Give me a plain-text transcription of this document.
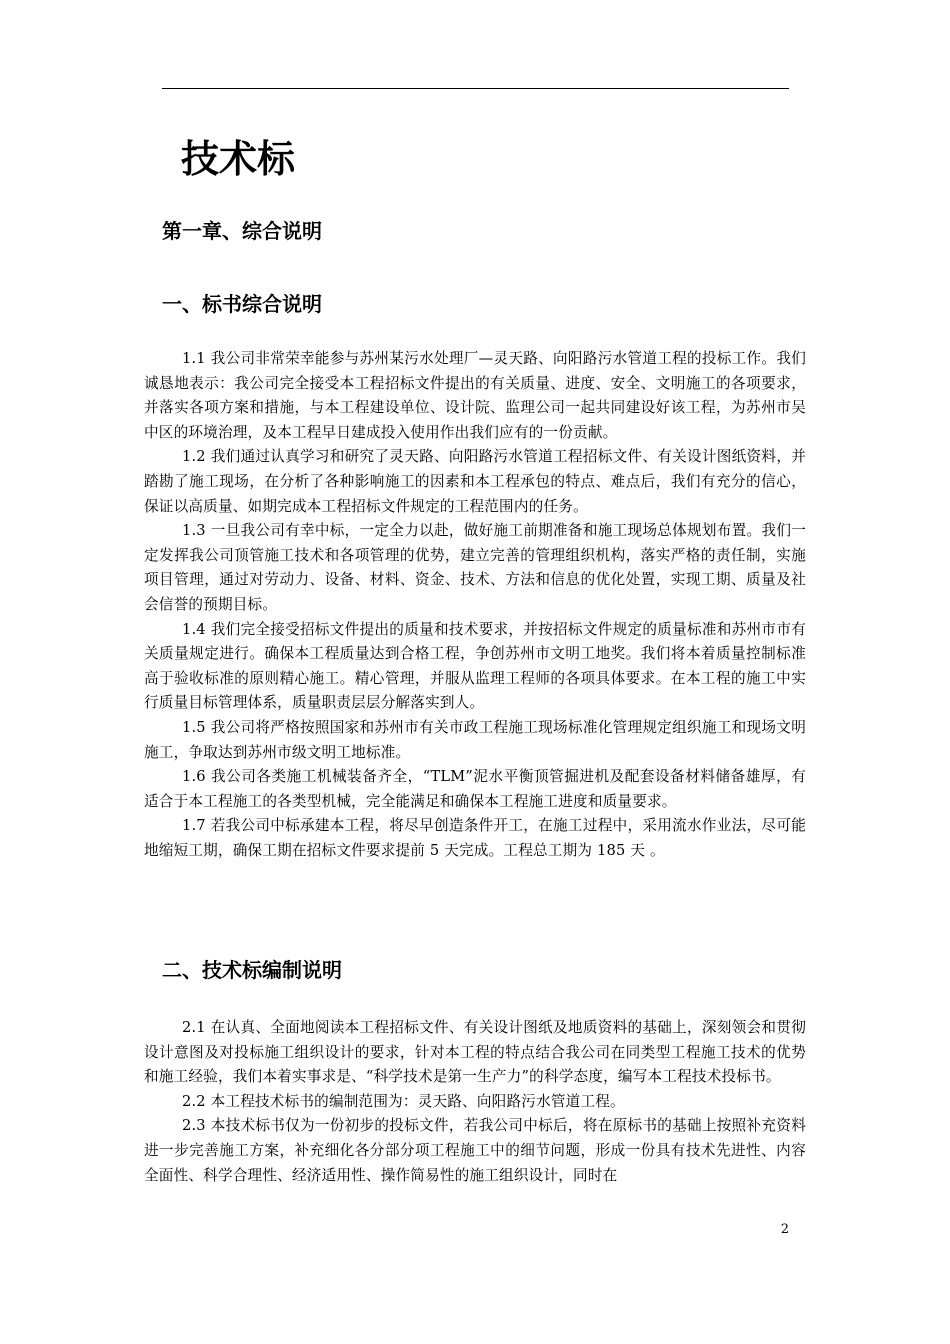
技术标
第一章、综合说明
一、标书综合说明

1.1 我公司非常荣幸能参与苏州某污水处理厂—灵天路、向阳路污水管道工程的投标工作。我们诚恳地表示：我公司完全接受本工程招标文件提出的有关质量、进度、安全、文明施工的各项要求，并落实各项方案和措施，与本工程建设单位、设计院、监理公司一起共同建设好该工程，为苏州市吴中区的环境治理，及本工程早日建成投入使用作出我们应有的一份贡献。

1.2 我们通过认真学习和研究了灵天路、向阳路污水管道工程招标文件、有关设计图纸资料，并踏勘了施工现场，在分析了各种影响施工的因素和本工程承包的特点、难点后，我们有充分的信心，保证以高质量、如期完成本工程招标文件规定的工程范围内的任务。

1.3 一旦我公司有幸中标，一定全力以赴，做好施工前期准备和施工现场总体规划布置。我们一定发挥我公司顶管施工技术和各项管理的优势，建立完善的管理组织机构，落实严格的责任制，实施项目管理，通过对劳动力、设备、材料、资金、技术、方法和信息的优化处置，实现工期、质量及社会信誉的预期目标。

1.4 我们完全接受招标文件提出的质量和技术要求，并按招标文件规定的质量标准和苏州市市有关质量规定进行。确保本工程质量达到合格工程，争创苏州市文明工地奖。我们将本着质量控制标准高于验收标准的原则精心施工。精心管理，并服从监理工程师的各项具体要求。在本工程的施工中实行质量目标管理体系，质量职责层层分解落实到人。

1.5 我公司将严格按照国家和苏州市有关市政工程施工现场标准化管理规定组织施工和现场文明施工，争取达到苏州市级文明工地标准。

1.6 我公司各类施工机械装备齐全，“TLM”泥水平衡顶管掘进机及配套设备材料储备雄厚，有适合于本工程施工的各类型机械，完全能满足和确保本工程施工进度和质量要求。

1.7 若我公司中标承建本工程，将尽早创造条件开工，在施工过程中，采用流水作业法，尽可能地缩短工期，确保工期在招标文件要求提前 5 天完成。工程总工期为 185 天 。

二、技术标编制说明

2.1 在认真、全面地阅读本工程招标文件、有关设计图纸及地质资料的基础上，深刻领会和贯彻设计意图及对投标施工组织设计的要求，针对本工程的特点结合我公司在同类型工程施工技术的优势和施工经验，我们本着实事求是、“科学技术是第一生产力”的科学态度，编写本工程技术投标书。

2.2 本工程技术标书的编制范围为：灵天路、向阳路污水管道工程。

2.3 本技术标书仅为一份初步的投标文件，若我公司中标后，将在原标书的基础上按照补充资料进一步完善施工方案，补充细化各分部分项工程施工中的细节问题，形成一份具有技术先进性、内容全面性、科学合理性、经济适用性、操作简易性的施工组织设计，同时在

2
